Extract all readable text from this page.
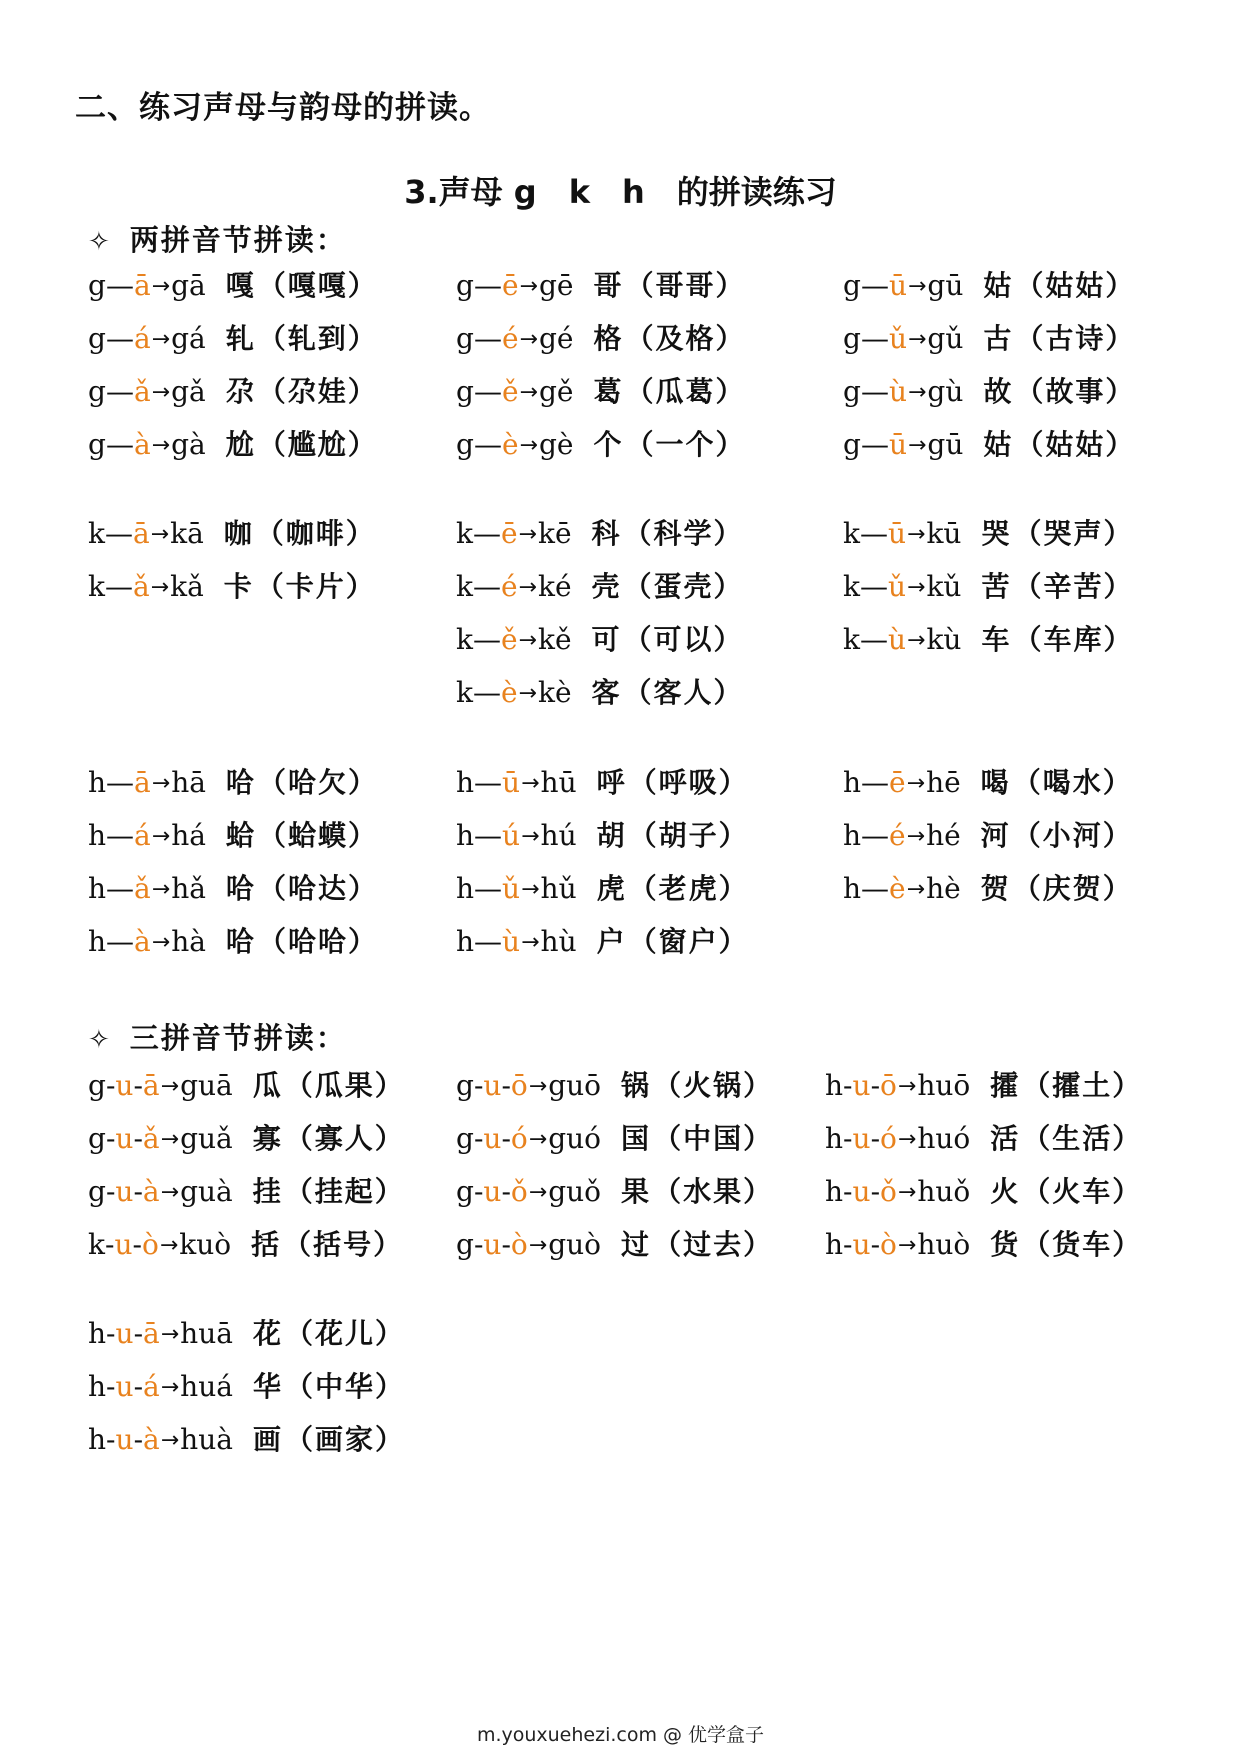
二、练习声母与韵母的拼读。
3.声母 g　k　h　的拼读练习
✧ 两拼音节拼读：
✧ 三拼音节拼读：
g—ā→gā 嘎 （嘎嘎）
g—á→gá 轧 （轧到）
g—ǎ→gǎ 尕 （尕娃）
g—à→gà 尬 （尴尬）
g—ē→gē 哥 （哥哥）
g—é→gé 格 （及格）
g—ě→gě 葛 （瓜葛）
g—è→gè 个 （一个）
g—ū→gū 姑 （姑姑）
g—ǔ→gǔ 古 （古诗）
g—ù→gù 故 （故事）
g—ū→gū 姑 （姑姑）
k—ā→kā 咖 （咖啡）
k—ǎ→kǎ 卡 （卡片）
k—ē→kē 科 （科学）
k—é→ké 壳 （蛋壳）
k—ě→kě 可 （可以）
k—è→kè 客 （客人）
k—ū→kū 哭 （哭声）
k—ǔ→kǔ 苦 （辛苦）
k—ù→kù 车 （车库）
h—ā→hā 哈 （哈欠）
h—á→há 蛤 （蛤蟆）
h—ǎ→hǎ 哈 （哈达）
h—à→hà 哈 （哈哈）
h—ū→hū 呼 （呼吸）
h—ú→hú 胡 （胡子）
h—ǔ→hǔ 虎 （老虎）
h—ù→hù 户 （窗户）
h—ē→hē 喝 （喝水）
h—é→hé 河 （小河）
h—è→hè 贺 （庆贺）
g-u-ā→guā 瓜 （瓜果）
g-u-ǎ→guǎ 寡 （寡人）
g-u-à→guà 挂 （挂起）
k-u-ò→kuò 括 （括号）
g-u-ō→guō 锅 （火锅）
g-u-ó→guó 国 （中国）
g-u-ǒ→guǒ 果 （水果）
g-u-ò→guò 过 （过去）
h-u-ō→huō 攉 （攉土）
h-u-ó→huó 活 （生活）
h-u-ǒ→huǒ 火 （火车）
h-u-ò→huò 货 （货车）
h-u-ā→huā 花 （花儿）
h-u-á→huá 华 （中华）
h-u-à→huà 画 （画家）
m.youxuehezi.com @ 优学盒子
